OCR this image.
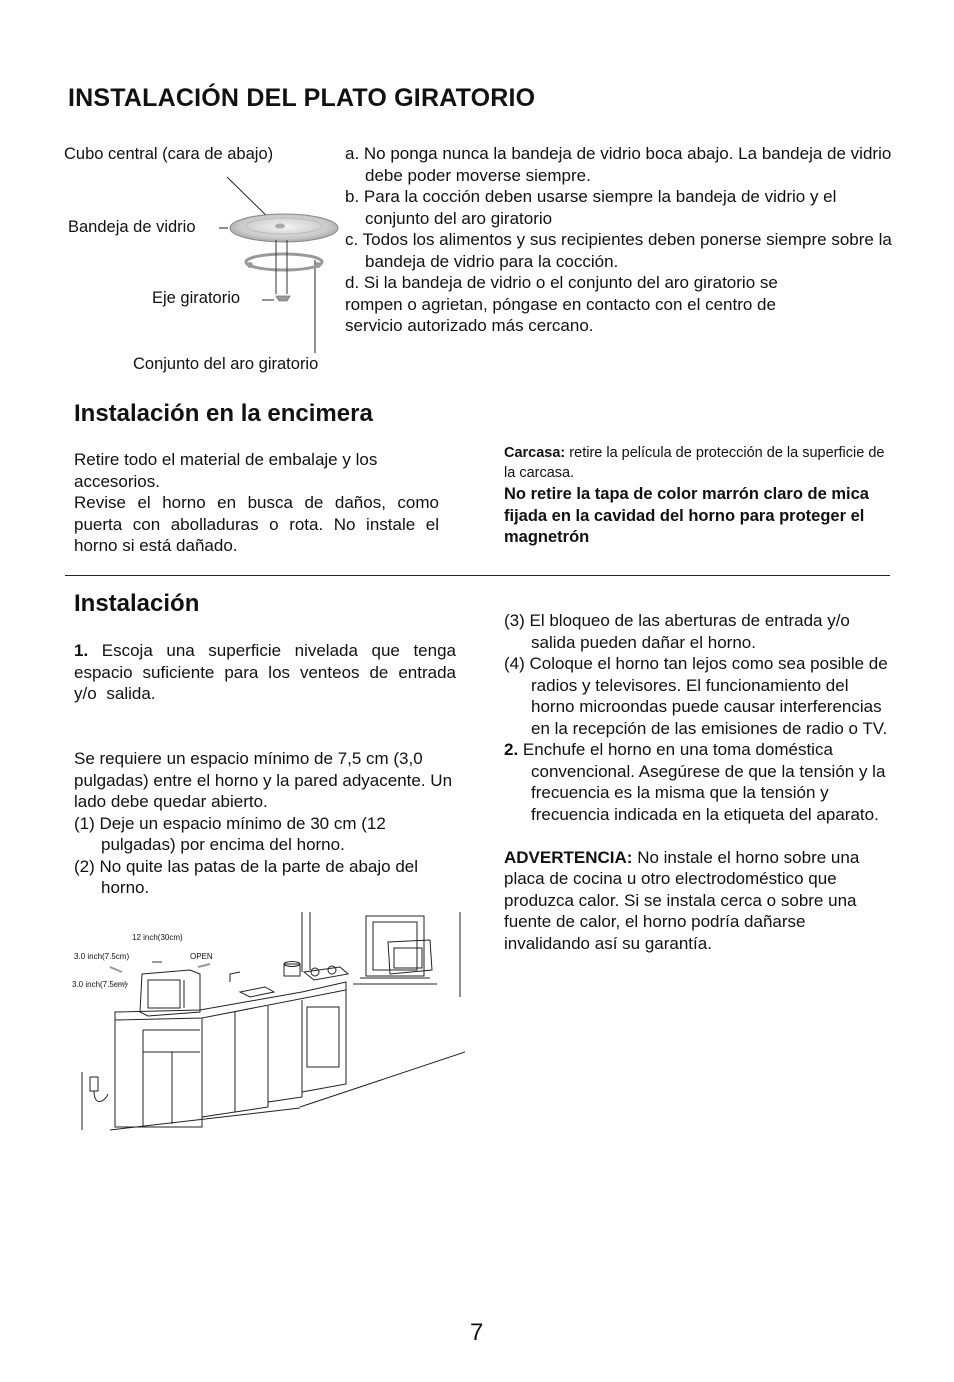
INSTALACIÓN DEL PLATO GIRATORIO
Cubo central (cara de abajo)
Bandeja de vidrio
Eje giratorio
Conjunto del aro giratorio

a. No ponga nunca la bandeja de vidrio boca abajo. La bandeja de vidrio debe poder moverse siempre.

b. Para la cocción deben usarse siempre la bandeja de vidrio y el conjunto del aro giratorio

c. Todos los alimentos y sus recipientes deben ponerse siempre sobre la bandeja de vidrio para la cocción.

d. Si la bandeja de vidrio o el conjunto del aro giratorio se rompen o agrietan, póngase en contacto con el centro de servicio autorizado más cercano.

Instalación en la encimera

Retire todo el material de embalaje y los accesorios.

Revise el horno en busca de daños, como puerta con abolladuras o rota. No instale el horno si está dañado.

Carcasa: retire la película de protección de la superficie de la carcasa.

No retire la tapa de color marrón claro de mica fijada en la cavidad del horno para proteger el magnetrón

Instalación
1. Escoja una superficie nivelada que tenga espacio suficiente para los venteos de entrada y/o salida.

Se requiere un espacio mínimo de 7,5 cm (3,0 pulgadas) entre el horno y la pared adyacente. Un lado debe quedar abierto.

(1) Deje un espacio mínimo de 30 cm (12 pulgadas) por encima del horno.

(2) No quite las patas de la parte de abajo del horno.

12 inch(30cm)
3.0 inch(7.5cm)
3.0 inch(7.5cm)
OPEN

(3) El bloqueo de las aberturas de entrada y/o salida pueden dañar el horno.

(4) Coloque el horno tan lejos como sea posible de radios y televisores. El funcionamiento del horno microondas puede causar interferencias en la recepción de las emisiones de radio o TV.

2. Enchufe el horno en una toma doméstica convencional. Asegúrese de que la tensión y la frecuencia es la misma que la tensión y frecuencia indicada en la etiqueta del aparato.

ADVERTENCIA: No instale el horno sobre una placa de cocina u otro electrodoméstico que produzca calor. Si se instala cerca o sobre una fuente de calor, el horno podría dañarse invalidando así su garantía.

7
